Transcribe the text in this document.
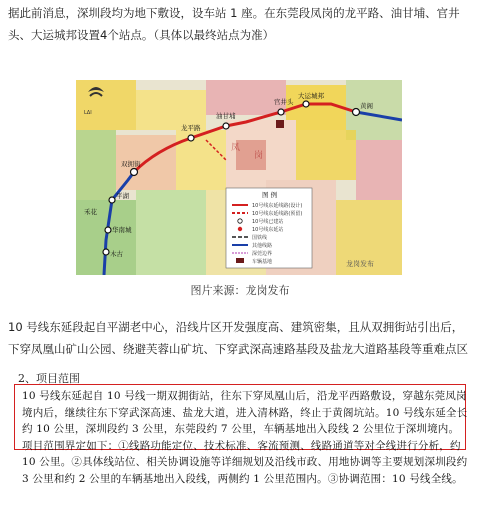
据此前消息，深圳段均为地下敷设，设车站 1 座。在东莞段凤岗的龙平路、油甘埔、官井头、大运城邦设置4个站点。（具体以最终站点为准）
凤
岗
LΔI
龙平路
油甘埔
官井头
大运城邦
双拥街
平湖
华南城
木古
禾花
黄阁
图 例
10号线东延线路(设计)
10号线东延线路(预留)
10号线已建站
10号线东延站
国铁线
其他线路
深莞边界
车辆基地	龙岗发布
图片来源：龙岗发布
10 号线东延段起自平湖老中心，沿线片区开发强度高、建筑密集，且从双拥街站引出后，下穿凤凰山矿山公园、绕避芙蓉山矿坑、下穿武深高速路基段及盐龙大道路基段等重难点区
2、项目范围
10 号线东延起自 10 号线一期双拥街站，往东下穿凤凰山后，沿龙平西路敷设，穿越东莞凤岗境内后，继续往东下穿武深高速、盐龙大道，进入清林路，终止于黄阁坑站。10 号线东延全长约 10 公里，深圳段约 3 公里，东莞段约 7 公里，车辆基地出入段线 2 公里位于深圳境内。项目范围界定如下：①线路功能定位、技术标准、客流预测、线路通道等对全线进行分析，约 10 公里。②具体线站位、相关协调设施等详细规划及沿线市政、用地协调等主要规划深圳段约 3 公里和约 2 公里的车辆基地出入段线，两侧约 1 公里范围内。③协调范围：10 号线全线。
